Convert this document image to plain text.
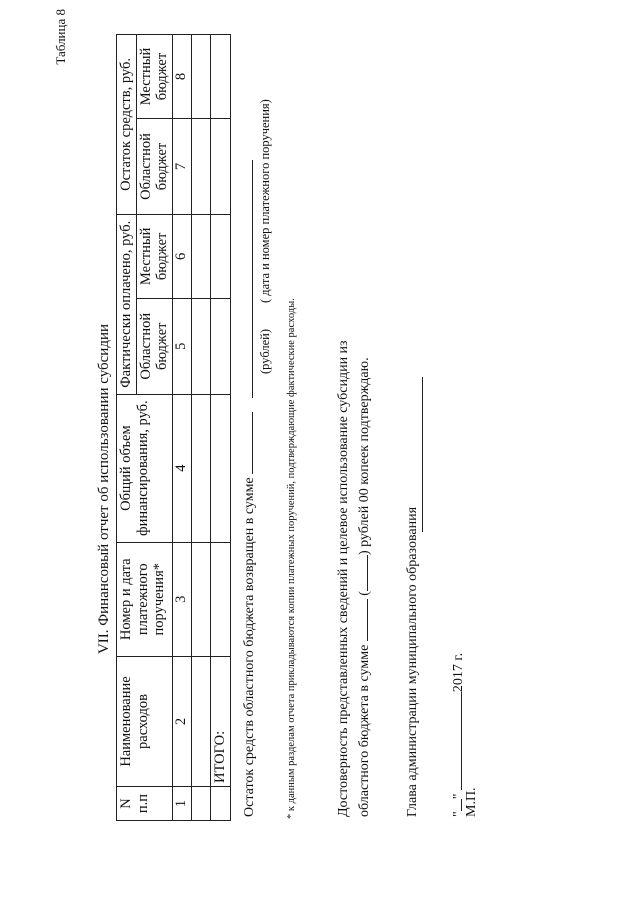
Таблица 8
VII. Финансовый отчет об использовании субсидии
N п.п	Наименование расходов	Номер и дата платежного поручения*	Общий объем финансирования, руб.	Фактически оплачено, руб.		Остаток средств, руб.	
				Областной бюджет	Местный бюджет	Областной бюджет	Местный бюджет
1	2	3	4	5	6	7	8

	ИТОГО:						Остаток средств областного бюджета возвращен в сумме
(рублей)
( дата и номер платежного поручения)
* к данным разделам отчета прикладываются копии платежных поручений, подтверждающие фактические расходы.	Достоверность представленных сведений и целевое использование субсидии из областного бюджета в сумме  () рублей 00 копеек подтверждаю.
Глава администрации муниципального образования "" 2017 г.
М.П.
